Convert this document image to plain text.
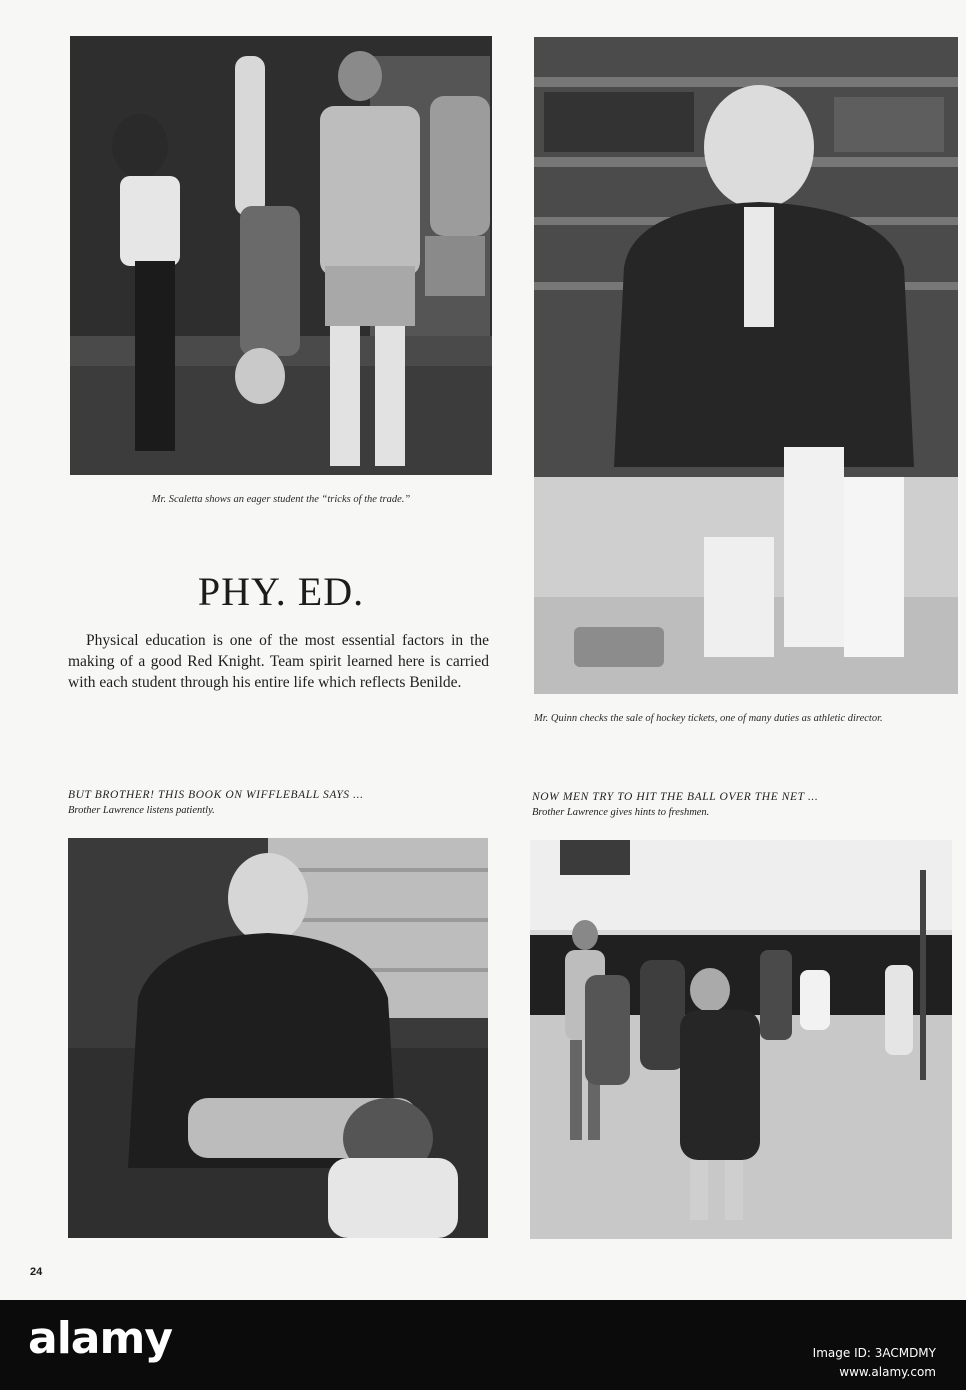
Mr. Scaletta shows an eager student the “tricks of the trade.”
Mr. Quinn checks the sale of hockey tickets, one of many duties as athletic director.
PHY. ED.
Physical education is one of the most essential factors in the making of a good Red Knight. Team spirit learned here is carried with each student through his entire life which reflects Benilde.
BUT BROTHER! THIS BOOK ON WIFFLEBALL SAYS ...
Brother Lawrence listens patiently.
NOW MEN TRY TO HIT THE BALL OVER THE NET ...
Brother Lawrence gives hints to freshmen.
24
alamy	Image ID: 3ACMDMY
www.alamy.com
